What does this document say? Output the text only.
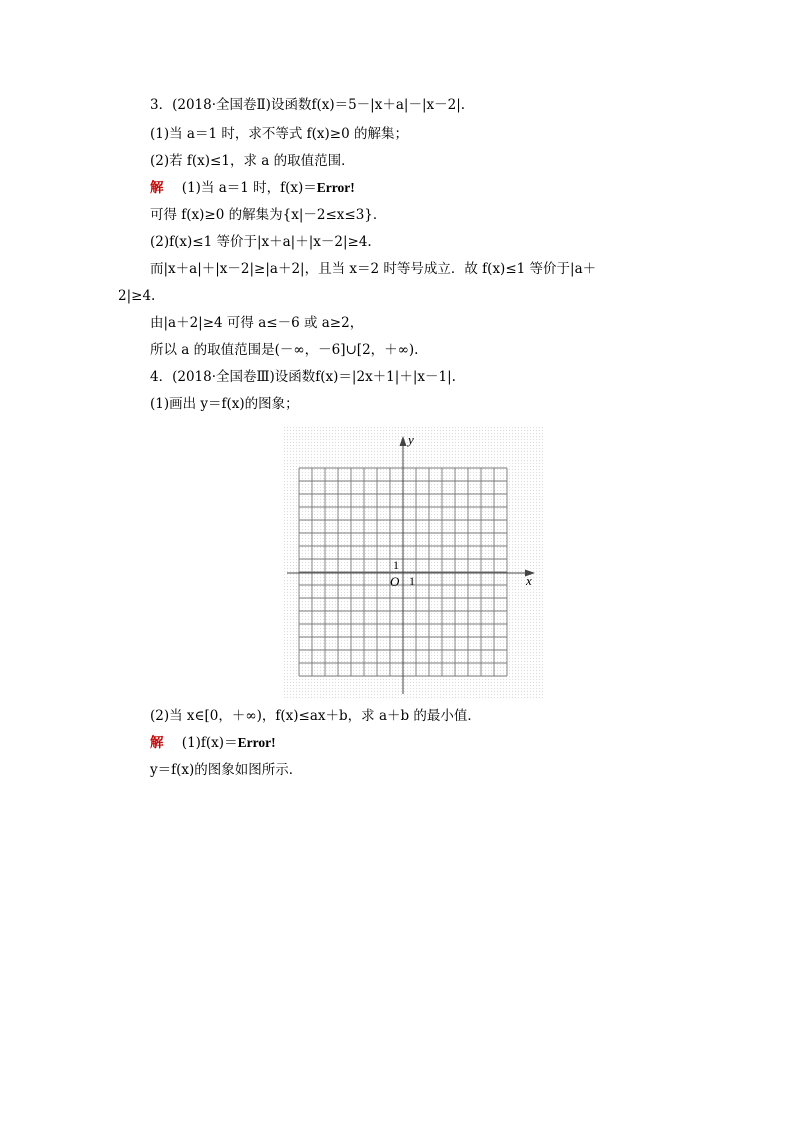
3．(2018·全国卷Ⅱ)设函数f(x)＝5－|x＋a|－|x－2|.
(1)当 a＝1 时，求不等式 f(x)≥0 的解集；
(2)若 f(x)≤1，求 a 的取值范围．
解 (1)当 a＝1 时，f(x)＝Error!
可得 f(x)≥0 的解集为{x|－2≤x≤3}．
(2)f(x)≤1 等价于|x＋a|＋|x－2|≥4.
而|x＋a|＋|x－2|≥|a＋2|，且当 x＝2 时等号成立．故 f(x)≤1 等价于|a＋
2|≥4.
由|a＋2|≥4 可得 a≤－6 或 a≥2，
所以 a 的取值范围是(－∞，－6]∪[2，＋∞).
4．(2018·全国卷Ⅲ)设函数f(x)＝|2x＋1|＋|x－1|.
(1)画出 y＝f(x)的图象；
x
y
O 1
1
(2)当 x∈[0，＋∞)，f(x)≤ax＋b，求 a＋b 的最小值．
解 (1)f(x)＝Error!
y＝f(x)的图象如图所示．
